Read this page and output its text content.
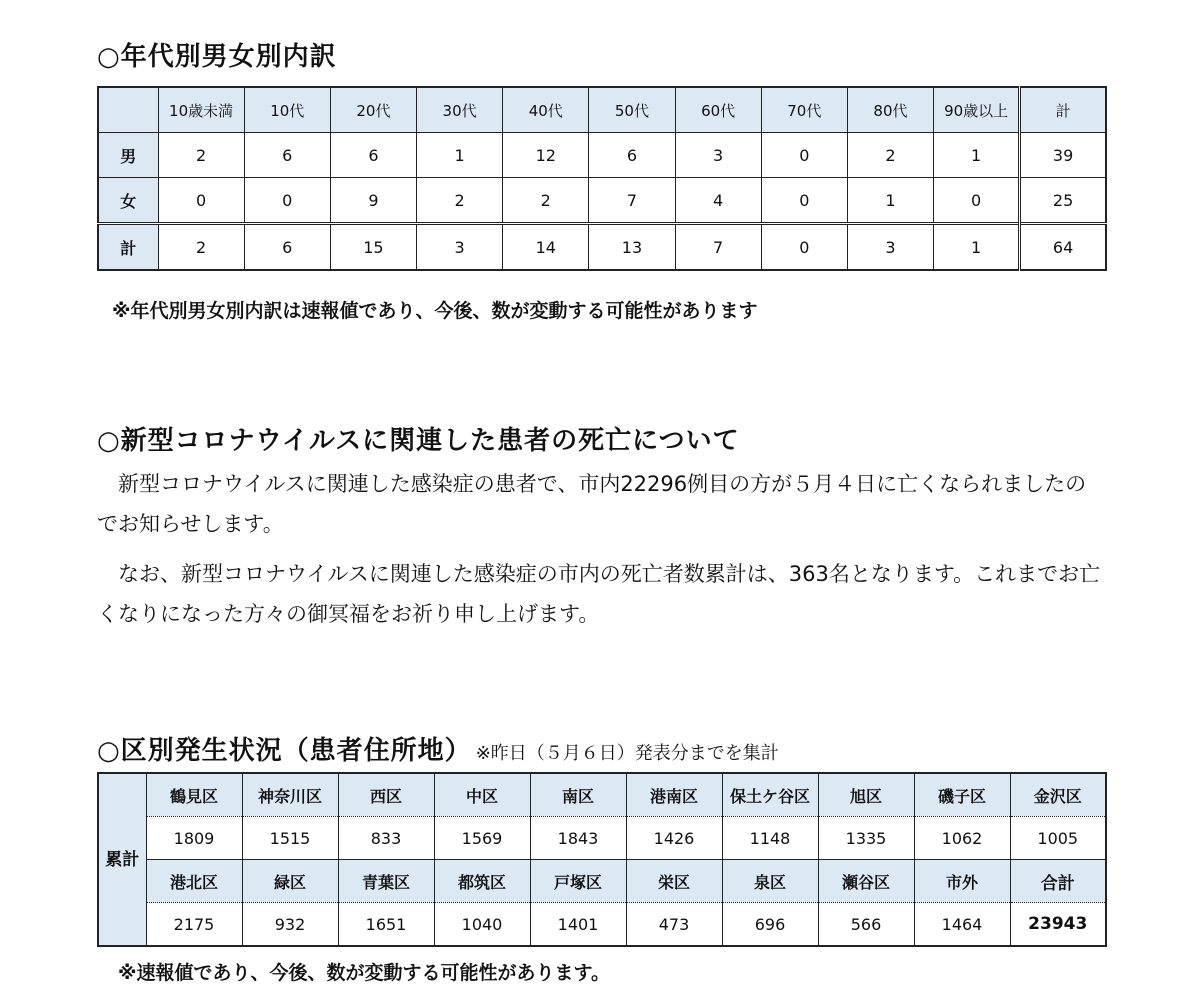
○年代別男女別内訳
	10歳未満	10代	20代	30代	40代	50代	60代	70代	80代	90歳以上	計
男	2	6	6	1	12	6	3	0	2	1	39
女	0	0	9	2	2	7	4	0	1	0	25
計	2	6	15	3	14	13	7	0	3	1	64

※年代別男女別内訳は速報値であり、今後、数が変動する可能性があります

○新型コロナウイルスに関連した患者の死亡について

　新型コロナウイルスに関連した感染症の患者で、市内22296例目の方が５月４日に亡くなられましたのでお知らせします。

　なお、新型コロナウイルスに関連した感染症の市内の死亡者数累計は、363名となります。これまでお亡くなりになった方々の御冥福をお祈り申し上げます。

○区別発生状況（患者住所地） ※昨日（５月６日）発表分までを集計
累計	鶴見区	神奈川区	西区	中区	南区	港南区	保土ケ谷区	旭区	磯子区	金沢区
	1809	1515	833	1569	1843	1426	1148	1335	1062	1005
	港北区	緑区	青葉区	都筑区	戸塚区	栄区	泉区	瀬谷区	市外	合計
	2175	932	1651	1040	1401	473	696	566	1464	23943

※速報値であり、今後、数が変動する可能性があります。
